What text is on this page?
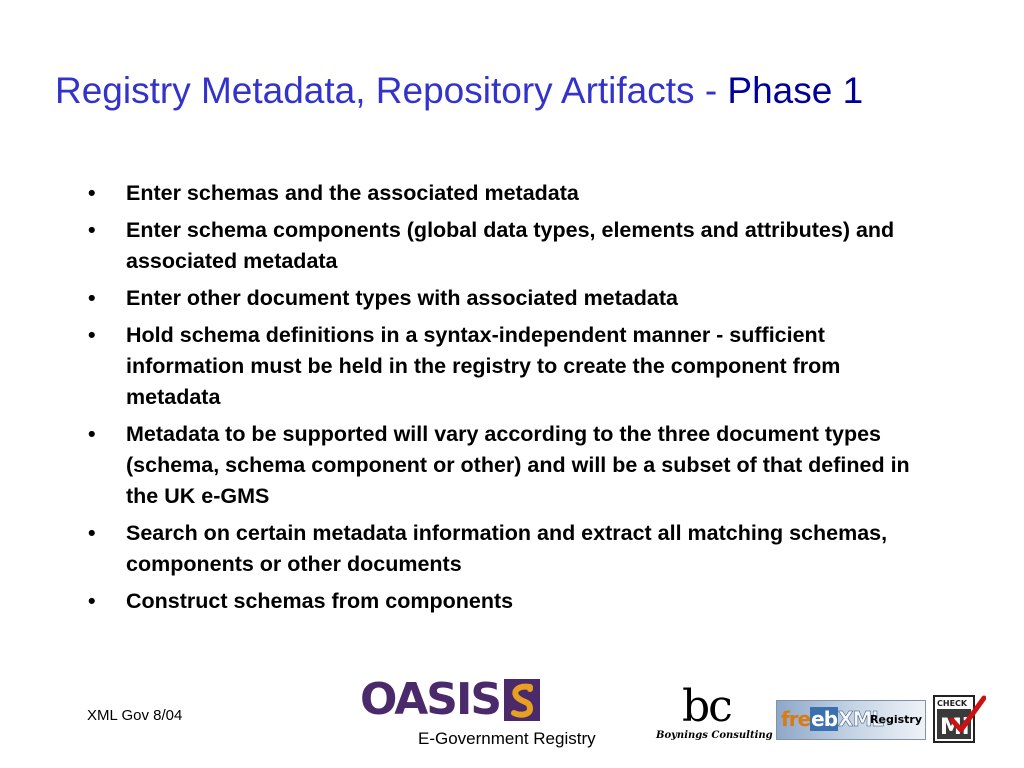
Registry Metadata, Repository Artifacts - Phase 1
• Enter schemas and the associated metadata
• Enter schema components (global data types, elements and attributes) and associated metadata
• Enter other document types with associated metadata
• Hold schema definitions in a syntax-independent manner - sufficient information must be held in the registry to create the component from metadata
• Metadata to be supported will vary according to the three document types (schema, schema component or other) and will be a subset of that defined in the UK e-GMS
• Search on certain metadata information and extract all matching schemas, components or other documents
• Construct schemas from components
XML Gov 8/04	OASIS
E-Government Registry
bc
Boynings Consulting
freebXML
Registry
CHECK
Mi
